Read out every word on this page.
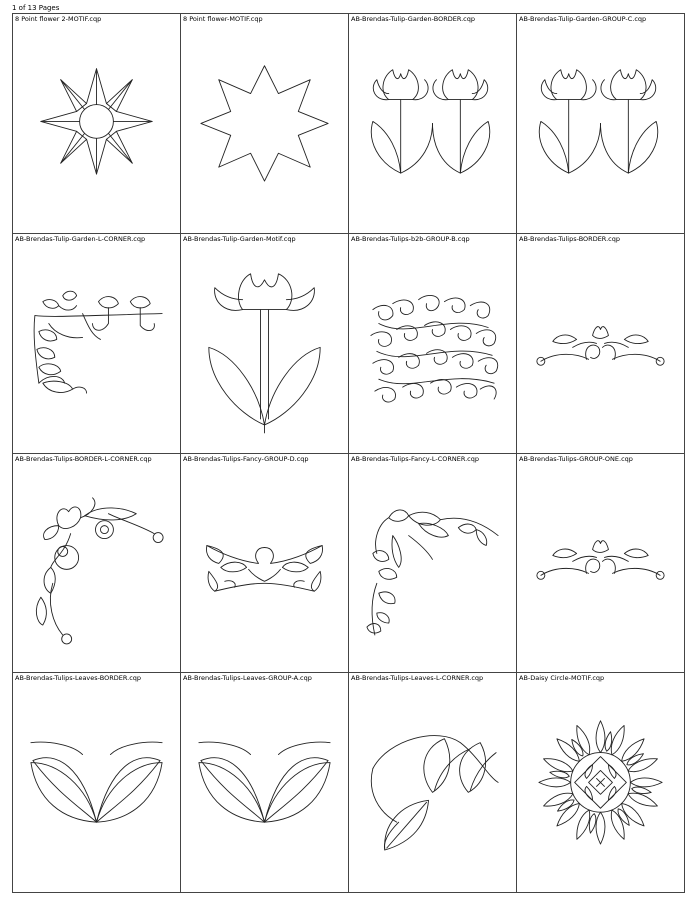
1 of 13 Pages
8 Point flower 2-MOTIF.cqp	8 Point flower-MOTIF.cqp	AB-Brendas-Tulip-Garden-BORDER.cqp	AB-Brendas-Tulip-Garden-GROUP-C.cqp
AB-Brendas-Tulip-Garden-L-CORNER.cqp	AB-Brendas-Tulip-Garden-Motif.cqp	AB-Brendas-Tulips-b2b-GROUP-B.cqp	AB-Brendas-Tulips-BORDER.cqp
AB-Brendas-Tulips-BORDER-L-CORNER.cqp	AB-Brendas-Tulips-Fancy-GROUP-D.cqp	AB-Brendas-Tulips-Fancy-L-CORNER.cqp	AB-Brendas-Tulips-GROUP-ONE.cqp
AB-Brendas-Tulips-Leaves-BORDER.cqp	AB-Brendas-Tulips-Leaves-GROUP-A.cqp	AB-Brendas-Tulips-Leaves-L-CORNER.cqp	AB-Daisy Circle-MOTIF.cqp
